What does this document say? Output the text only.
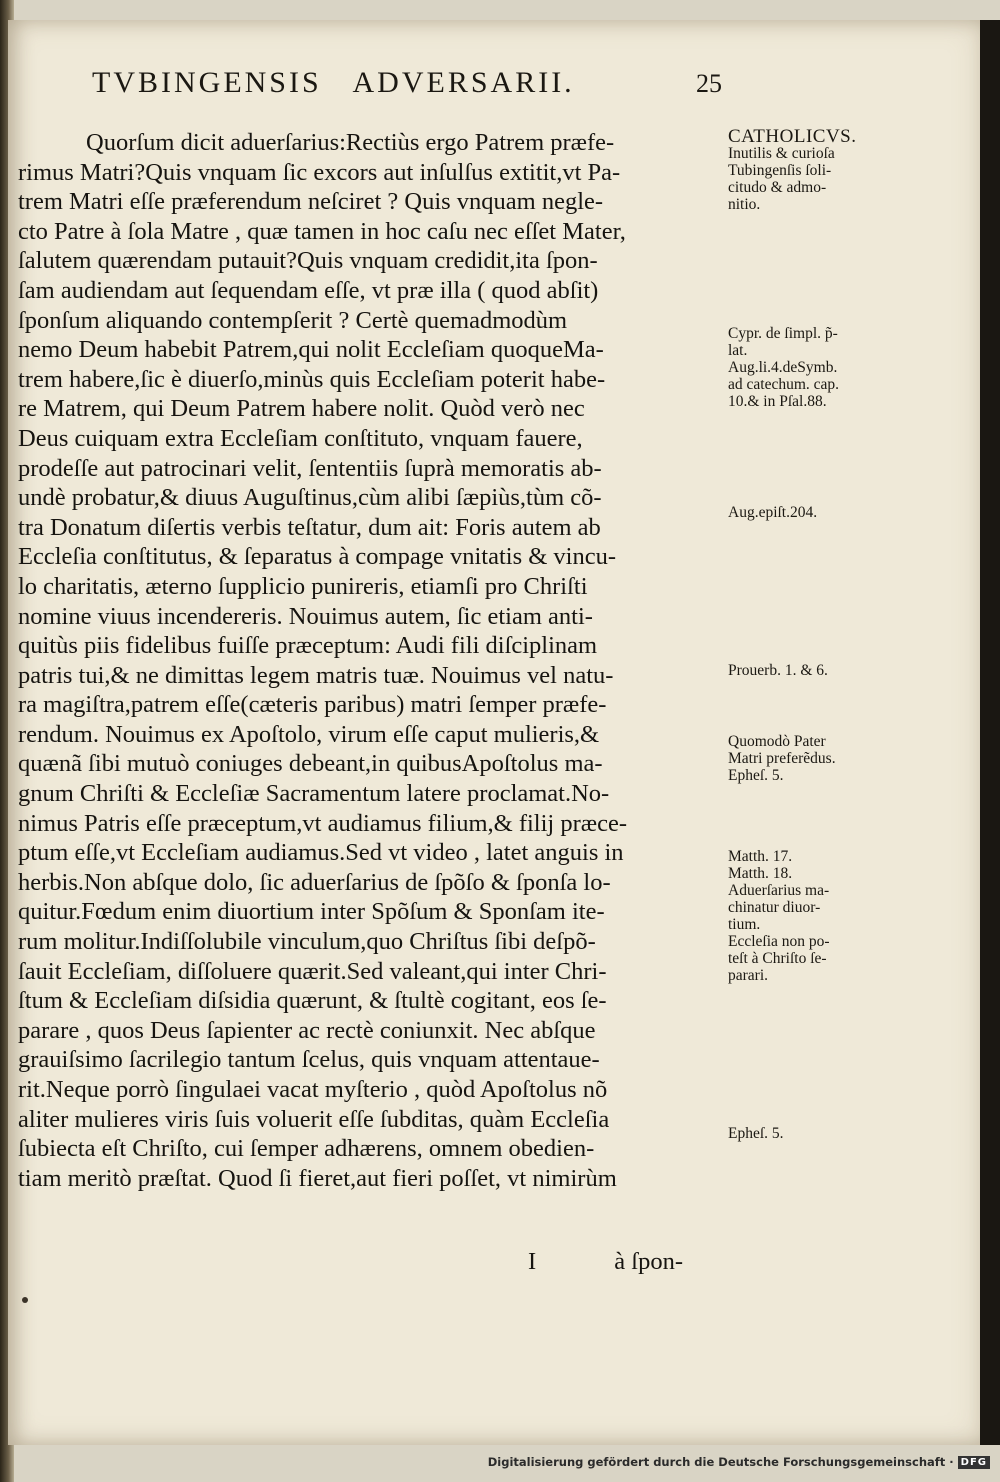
TVBINGENSIS ADVERSARII.	25
Quorſum dicit aduerſarius:Rectiùs ergo Patrem præfe-
rimus Matri?Quis vnquam ſic excors aut inſulſus extitit,vt Pa-
trem Matri eſſe præferendum neſciret ? Quis vnquam negle-
cto Patre à ſola Matre , quæ tamen in hoc caſu nec eſſet Mater,
ſalutem quærendam putauit?Quis vnquam credidit,ita ſpon-
ſam audiendam aut ſequendam eſſe, vt præ illa ( quod abſit)
ſponſum aliquando contempſerit ? Certè quemadmodùm
nemo Deum habebit Patrem,qui nolit Eccleſiam quoqueMa-
trem habere,ſic è diuerſo,minùs quis Eccleſiam poterit habe-
re Matrem, qui Deum Patrem habere nolit. Quòd verò nec
Deus cuiquam extra Eccleſiam conſtituto, vnquam fauere,
prodeſſe aut patrocinari velit, ſententiis ſuprà memoratis ab-
undè probatur,& diuus Auguſtinus,cùm alibi ſæpiùs,tùm cõ-
tra Donatum diſertis verbis teſtatur, dum ait: Foris autem ab
Eccleſia conſtitutus, & ſeparatus à compage vnitatis & vincu-
lo charitatis, æterno ſupplicio punireris, etiamſi pro Chriſti
nomine viuus incendereris. Nouimus autem, ſic etiam anti-
quitùs piis fidelibus fuiſſe præceptum: Audi fili diſciplinam
patris tui,& ne dimittas legem matris tuæ. Nouimus vel natu-
ra magiſtra,patrem eſſe(cæteris paribus) matri ſemper præfe-
rendum. Nouimus ex Apoſtolo, virum eſſe caput mulieris,&
quænã ſibi mutuò coniuges debeant,in quibusApoſtolus ma-
gnum Chriſti & Eccleſiæ Sacramentum latere proclamat.No-
nimus Patris eſſe præceptum,vt audiamus filium,& filij præce-
ptum eſſe,vt Eccleſiam audiamus.Sed vt video , latet anguis in
herbis.Non abſque dolo, ſic aduerſarius de ſpõſo & ſponſa lo-
quitur.Fœdum enim diuortium inter Spõſum & Sponſam ite-
rum molitur.Indiſſolubile vinculum,quo Chriſtus ſibi deſpõ-
ſauit Eccleſiam, diſſoluere quærit.Sed valeant,qui inter Chri-
ſtum & Eccleſiam diſsidia quærunt, & ſtultè cogitant, eos ſe-
parare , quos Deus ſapienter ac rectè coniunxit. Nec abſque
grauiſsimo ſacrilegio tantum ſcelus, quis vnquam attentaue-
rit.Neque porrò ſingulaei vacat myſterio , quòd Apoſtolus nõ
aliter mulieres viris ſuis voluerit eſſe ſubditas, quàm Eccleſia
ſubiecta eſt Chriſto, cui ſemper adhærens, omnem obedien-
tiam meritò præſtat. Quod ſi fieret,aut fieri poſſet, vt nimirùm
I	à ſpon-
CATHOLICVS.
Inutilis & curioſa
Tubingenſis ſoli-
citudo & admo-
nitio.
Cypr. de ſimpl. p̃-
lat.
Aug.li.4.deSymb.
ad catechum. cap.
10.& in Pſal.88.
Aug.epiſt.204.
Prouerb. 1. & 6.
Quomodò Pater
Matri preferẽdus.
Epheſ. 5.
Matth. 17.
Matth. 18.
Aduerſarius ma-
chinatur diuor-
tium.
Eccleſia non po-
teſt à Chriſto ſe-
parari.
Epheſ. 5.
Digitalisierung gefördert durch die Deutsche Forschungsgemeinschaft · DFG
